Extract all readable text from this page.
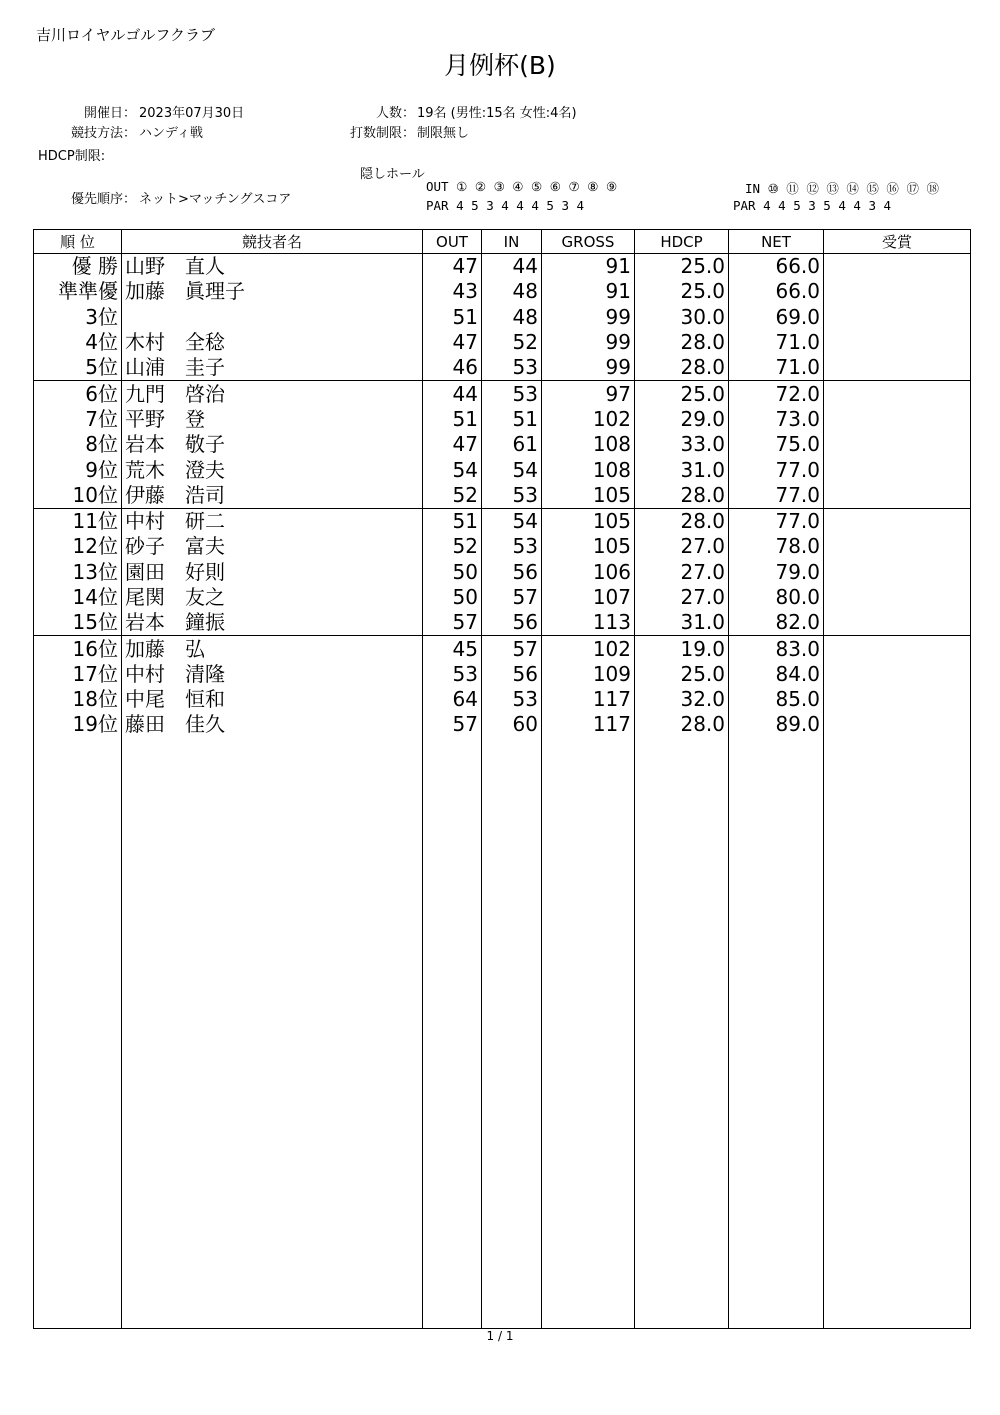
吉川ロイヤルゴルフクラブ
月例杯(B)
開催日： 2023年07月30日
競技方法： ハンディ戦
HDCP制限:
人数： 19名 (男性:15名 女性:4名)
打数制限： 制限無し
隠しホール
優先順序： ネット>マッチングスコア
OUT ① ② ③ ④ ⑤ ⑥ ⑦ ⑧ ⑨
PAR 4 5 3 4 4 4 5 3 4
IN ⑩ ⑪ ⑫ ⑬ ⑭ ⑮ ⑯ ⑰ ⑱
PAR 4 4 5 3 5 4 4 3 4
順 位	競技者名	OUT	IN	GROSS	HDCP	NET	受賞
優 勝	山野　直人	47	44	91	25.0	66.0	
準準優	加藤　眞理子	43	48	91	25.0	66.0	
3位		51	48	99	30.0	69.0	
4位	木村　全稔	47	52	99	28.0	71.0	
5位	山浦　圭子	46	53	99	28.0	71.0	
6位	九門　啓治	44	53	97	25.0	72.0	
7位	平野　登	51	51	102	29.0	73.0	
8位	岩本　敬子	47	61	108	33.0	75.0	
9位	荒木　澄夫	54	54	108	31.0	77.0	
10位	伊藤　浩司	52	53	105	28.0	77.0	
11位	中村　研二	51	54	105	28.0	77.0	
12位	砂子　富夫	52	53	105	27.0	78.0	
13位	園田　好則	50	56	106	27.0	79.0	
14位	尾関　友之	50	57	107	27.0	80.0	
15位	岩本　鐘振	57	56	113	31.0	82.0	
16位	加藤　弘	45	57	102	19.0	83.0	
17位	中村　清隆	53	56	109	25.0	84.0	
18位	中尾　恒和	64	53	117	32.0	85.0	
19位	藤田　佳久	57	60	117	28.0	89.0	

1 / 1
